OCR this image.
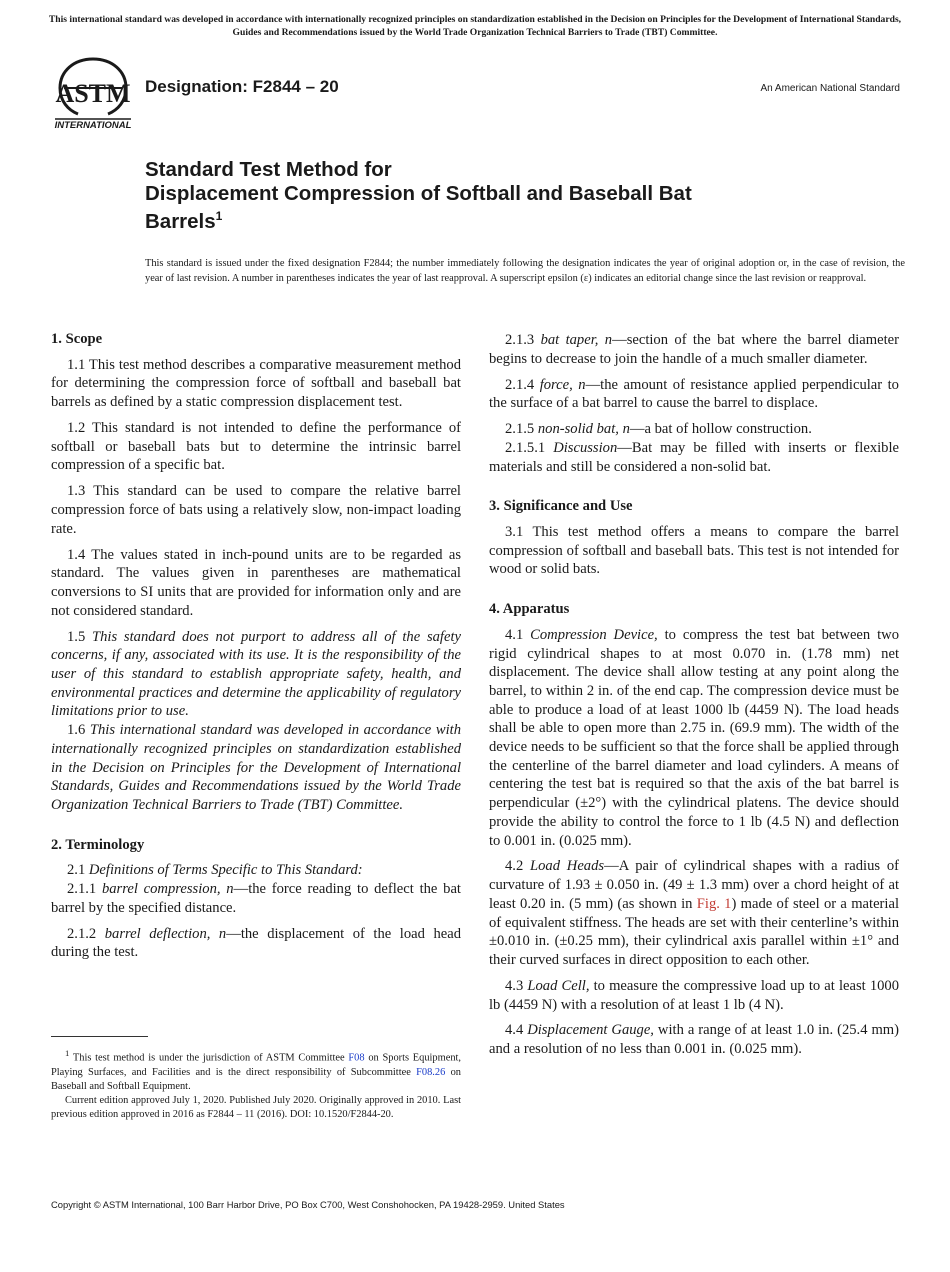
This international standard was developed in accordance with internationally recognized principles on standardization established in the Decision on Principles for the Development of International Standards, Guides and Recommendations issued by the World Trade Organization Technical Barriers to Trade (TBT) Committee.
ASTM
INTERNATIONAL
Designation: F2844 – 20	An American National Standard
Standard Test Method for
Displacement Compression of Softball and Baseball Bat
Barrels$^1$
This standard is issued under the fixed designation F2844; the number immediately following the designation indicates the year of original adoption or, in the case of revision, the year of last revision. A number in parentheses indicates the year of last reapproval. A superscript epsilon (ε) indicates an editorial change since the last revision or reapproval.
1. Scope

1.1 This test method describes a comparative measurement method for determining the compression force of softball and baseball bat barrels as defined by a static compression displacement test.

1.2 This standard is not intended to define the performance of softball or baseball bats but to determine the intrinsic barrel compression of a specific bat.

1.3 This standard can be used to compare the relative barrel compression force of bats using a relatively slow, non-impact loading rate.

1.4 The values stated in inch-pound units are to be regarded as standard. The values given in parentheses are mathematical conversions to SI units that are provided for information only and are not considered standard.

1.5 This standard does not purport to address all of the safety concerns, if any, associated with its use. It is the responsibility of the user of this standard to establish appropriate safety, health, and environmental practices and determine the applicability of regulatory limitations prior to use.

1.6 This international standard was developed in accordance with internationally recognized principles on standardization established in the Decision on Principles for the Development of International Standards, Guides and Recommendations issued by the World Trade Organization Technical Barriers to Trade (TBT) Committee.

2. Terminology

2.1 Definitions of Terms Specific to This Standard:

2.1.1 barrel compression, n—the force reading to deflect the bat barrel by the specified distance.

2.1.2 barrel deflection, n—the displacement of the load head during the test.

2.1.3 bat taper, n—section of the bat where the barrel diameter begins to decrease to join the handle of a much smaller diameter.

2.1.4 force, n—the amount of resistance applied perpendicular to the surface of a bat barrel to cause the barrel to displace.

2.1.5 non-solid bat, n—a bat of hollow construction.

2.1.5.1 Discussion—Bat may be filled with inserts or flexible materials and still be considered a non-solid bat.

3. Significance and Use

3.1 This test method offers a means to compare the barrel compression of softball and baseball bats. This test is not intended for wood or solid bats.

4. Apparatus

4.1 Compression Device, to compress the test bat between two rigid cylindrical shapes to at most 0.070 in. (1.78 mm) net displacement. The device shall allow testing at any point along the barrel, to within 2 in. of the end cap. The compression device must be able to produce a load of at least 1000 lb (4459 N). The load heads shall be able to open more than 2.75 in. (69.9 mm). The width of the device needs to be sufficient so that the force shall be applied through the centerline of the barrel diameter and load cylinders. A means of centering the test bat is required so that the axis of the bat barrel is perpendicular (±2°) with the cylindrical platens. The device should provide the ability to control the force to 1 lb (4.5 N) and deflection to 0.001 in. (0.025 mm).

4.2 Load Heads—A pair of cylindrical shapes with a radius of curvature of 1.93 ± 0.050 in. (49 ± 1.3 mm) over a chord height of at least 0.20 in. (5 mm) (as shown in Fig. 1) made of steel or a material of equivalent stiffness. The heads are set with their centerline’s within ±0.010 in. (±0.25 mm), their cylindrical axis parallel within ±1° and their curved surfaces in direct opposition to each other.

4.3 Load Cell, to measure the compressive load up to at least 1000 lb (4459 N) with a resolution of at least 1 lb (4 N).

4.4 Displacement Gauge, with a range of at least 1.0 in. (25.4 mm) and a resolution of no less than 0.001 in. (0.025 mm).

$^1$ This test method is under the jurisdiction of ASTM Committee F08 on Sports Equipment, Playing Surfaces, and Facilities and is the direct responsibility of Subcommittee F08.26 on Baseball and Softball Equipment.

Current edition approved July 1, 2020. Published July 2020. Originally approved in 2010. Last previous edition approved in 2016 as F2844 – 11 (2016). DOI: 10.1520/F2844-20.

Copyright © ASTM International, 100 Barr Harbor Drive, PO Box C700, West Conshohocken, PA 19428-2959. United States
